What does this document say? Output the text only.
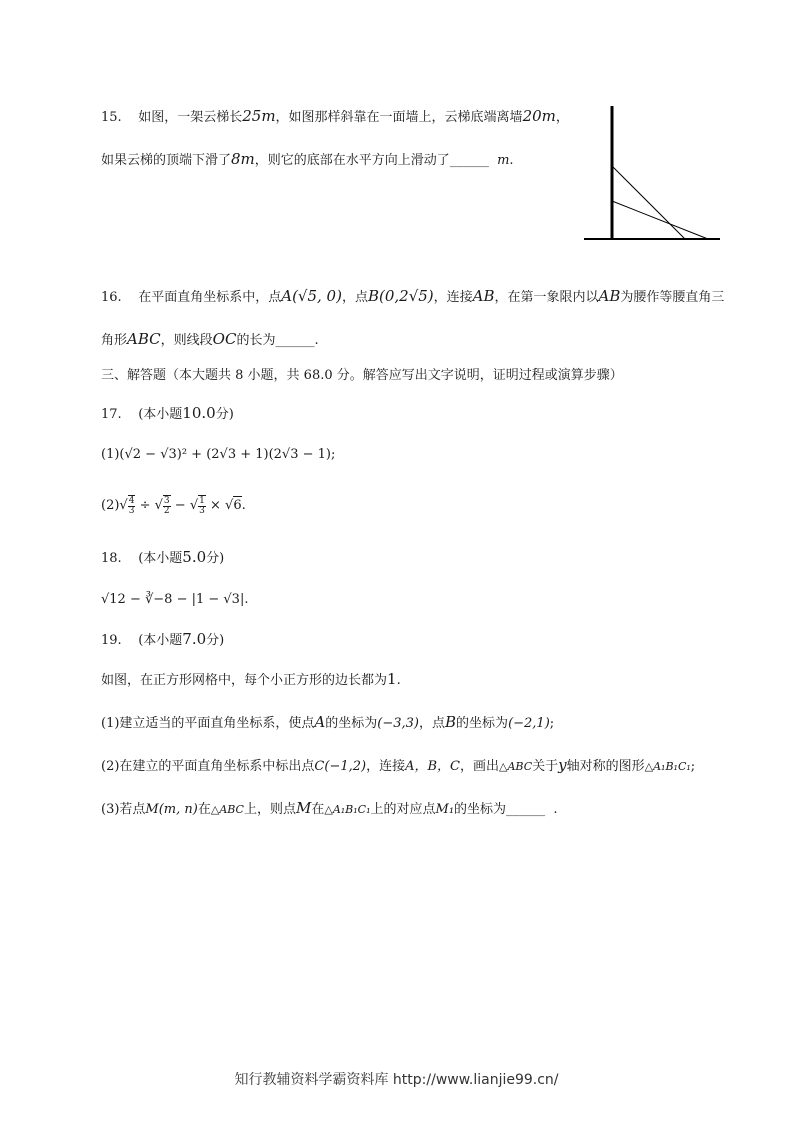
15. 如图，一架云梯长25m，如图那样斜靠在一面墙上，云梯底端离墙20m，
如果云梯的顶端下滑了8m，则它的底部在水平方向上滑动了______ m.
16. 在平面直角坐标系中，点A(√5, 0)，点B(0,2√5)，连接AB，在第一象限内以AB为腰作等腰直角三
角形ABC，则线段OC的长为______.
三、解答题（本大题共 8 小题，共 68.0 分。解答应写出文字说明，证明过程或演算步骤）
17. (本小题10.0分)
(1)(√2 − √3)² + (2√3 + 1)(2√3 − 1);
$(2)√ \frac{4}{3}$ ÷ √ $\frac{3}{2}$ − √ $\frac{1}{3} \times √6$.
18. (本小题5.0分)
√12 − ∛−8 − |1 − √3|.
19. (本小题7.0分)
如图，在正方形网格中，每个小正方形的边长都为1.
(1)建立适当的平面直角坐标系，使点A的坐标为(−3,3)，点B的坐标为(−2,1);
(2)在建立的平面直角坐标系中标出点C(−1,2)，连接A，B，C，画出△ABC关于y轴对称的图形△A₁B₁C₁;
(3)若点M(m, n)在△ABC上，则点M在△A₁B₁C₁上的对应点M₁的坐标为______ .
知行教辅资料学霸资料库 http://www.lianjie99.cn/
